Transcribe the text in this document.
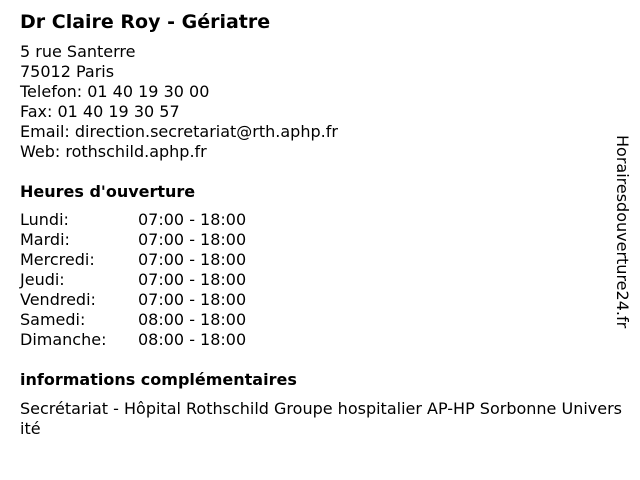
Dr Claire Roy - Gériatre
5 rue Santerre
75012 Paris
Telefon: 01 40 19 30 00
Fax: 01 40 19 30 57
Email: direction.secretariat@rth.aphp.fr
Web: rothschild.aphp.fr
Heures d'ouverture
Lundi:	07:00 - 18:00
Mardi:	07:00 - 18:00
Mercredi:	07:00 - 18:00
Jeudi:	07:00 - 18:00
Vendredi:	07:00 - 18:00
Samedi:	08:00 - 18:00
Dimanche:	08:00 - 18:00
informations complémentaires
Secrétariat - Hôpital Rothschild Groupe hospitalier AP-HP Sorbonne Université
Horairesdouverture24.fr
